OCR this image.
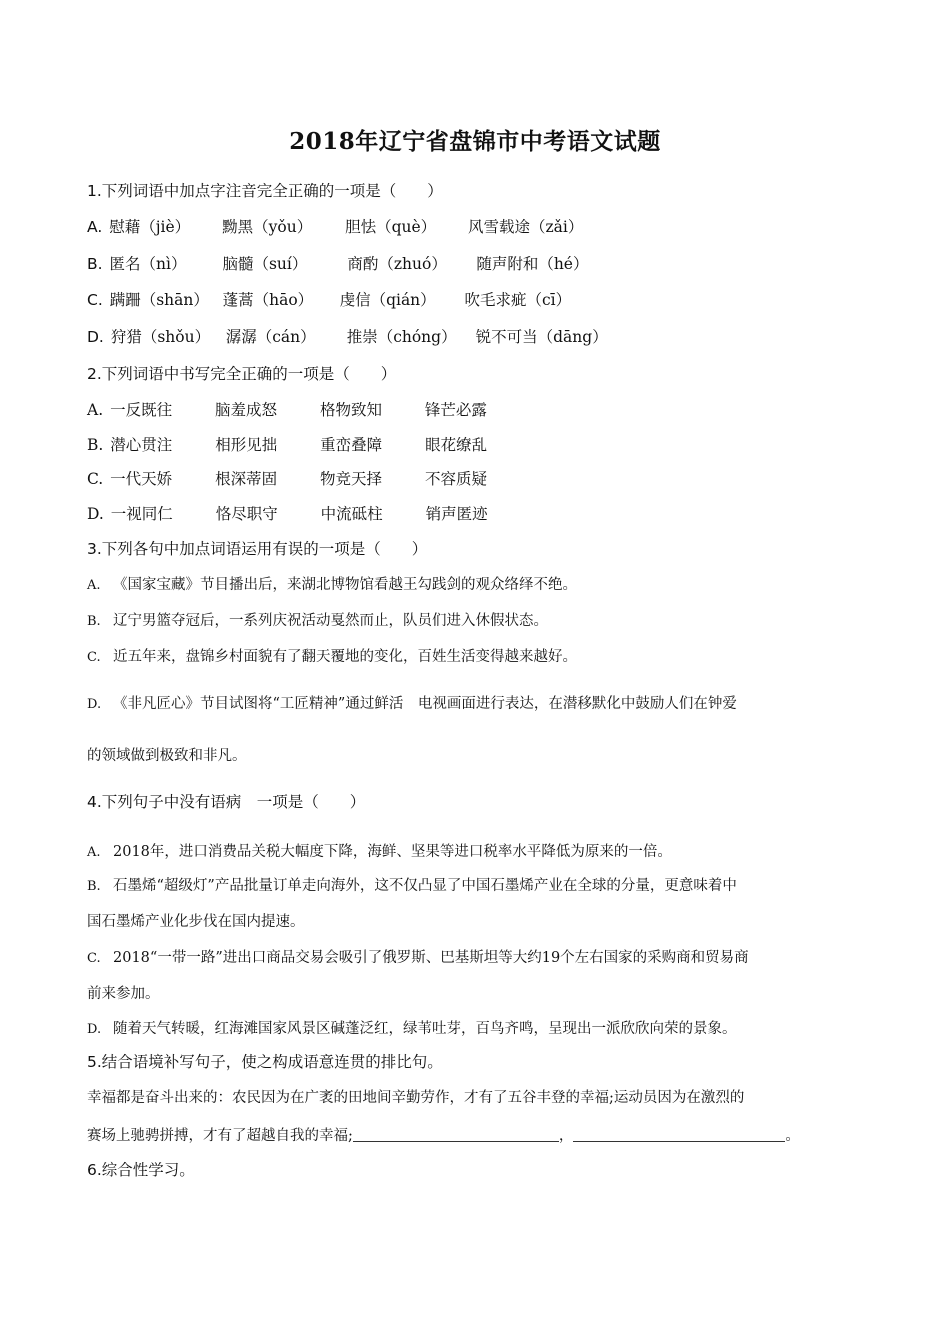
2018年辽宁省盘锦市中考语文试题
1.下列词语中加点字注音完全正确的一项是（　　）
A. 慰藉（jiè） 黝黑（yǒu） 胆怯（què） 风雪载途（zǎi）
B. 匿名（nì） 脑髓（suí）	商酌（zhuó） 随声附和（hé）
C. 蹒跚（shān） 蓬蒿（hāo） 虔信（qián） 吹毛求疵（cī）
D. 狩猎（shǒu） 潺潺（cán） 推崇（chóng） 锐不可当（dāng）
2.下列词语中书写完全正确的一项是（　　）
A. 一反既往	脑羞成怒	格物致知	锋芒必露
B. 潜心贯注	相形见拙	重峦叠障	眼花缭乱
C. 一代天娇	根深蒂固	物竞天择	不容质疑
D. 一视同仁	恪尽职守	中流砥柱	销声匿迹
3.下列各句中加点词语运用有误的一项是（　　）
A. 《国家宝藏》节目播出后，来湖北博物馆看越王勾践剑的观众络绎不绝。
B. 辽宁男篮夺冠后，一系列庆祝活动戛然而止，队员们进入休假状态。
C. 近五年来，盘锦乡村面貌有了翻天覆地的变化，百姓生活变得越来越好。
D. 《非凡匠心》节目试图将“工匠精神”通过鲜活　电视画面进行表达，在潜移默化中鼓励人们在钟爱
的领域做到极致和非凡。
4.下列句子中没有语病　一项是（　　）
A. 2018年，进口消费品关税大幅度下降，海鲜、坚果等进口税率水平降低为原来的一倍。
B. 石墨烯“超级灯”产品批量订单走向海外，这不仅凸显了中国石墨烯产业在全球的分量，更意味着中
国石墨烯产业化步伐在国内提速。
C. 2018“一带一路”进出口商品交易会吸引了俄罗斯、巴基斯坦等大约19个左右国家的采购商和贸易商
前来参加。
D. 随着天气转暖，红海滩国家风景区碱蓬泛红，绿苇吐芽，百鸟齐鸣，呈现出一派欣欣向荣的景象。
5.结合语境补写句子，使之构成语意连贯的排比句。
幸福都是奋斗出来的：农民因为在广袤的田地间辛勤劳作，才有了五谷丰登的幸福;运动员因为在激烈的
赛场上驰骋拼搏，才有了超越自我的幸福;	，	。
6.综合性学习。
